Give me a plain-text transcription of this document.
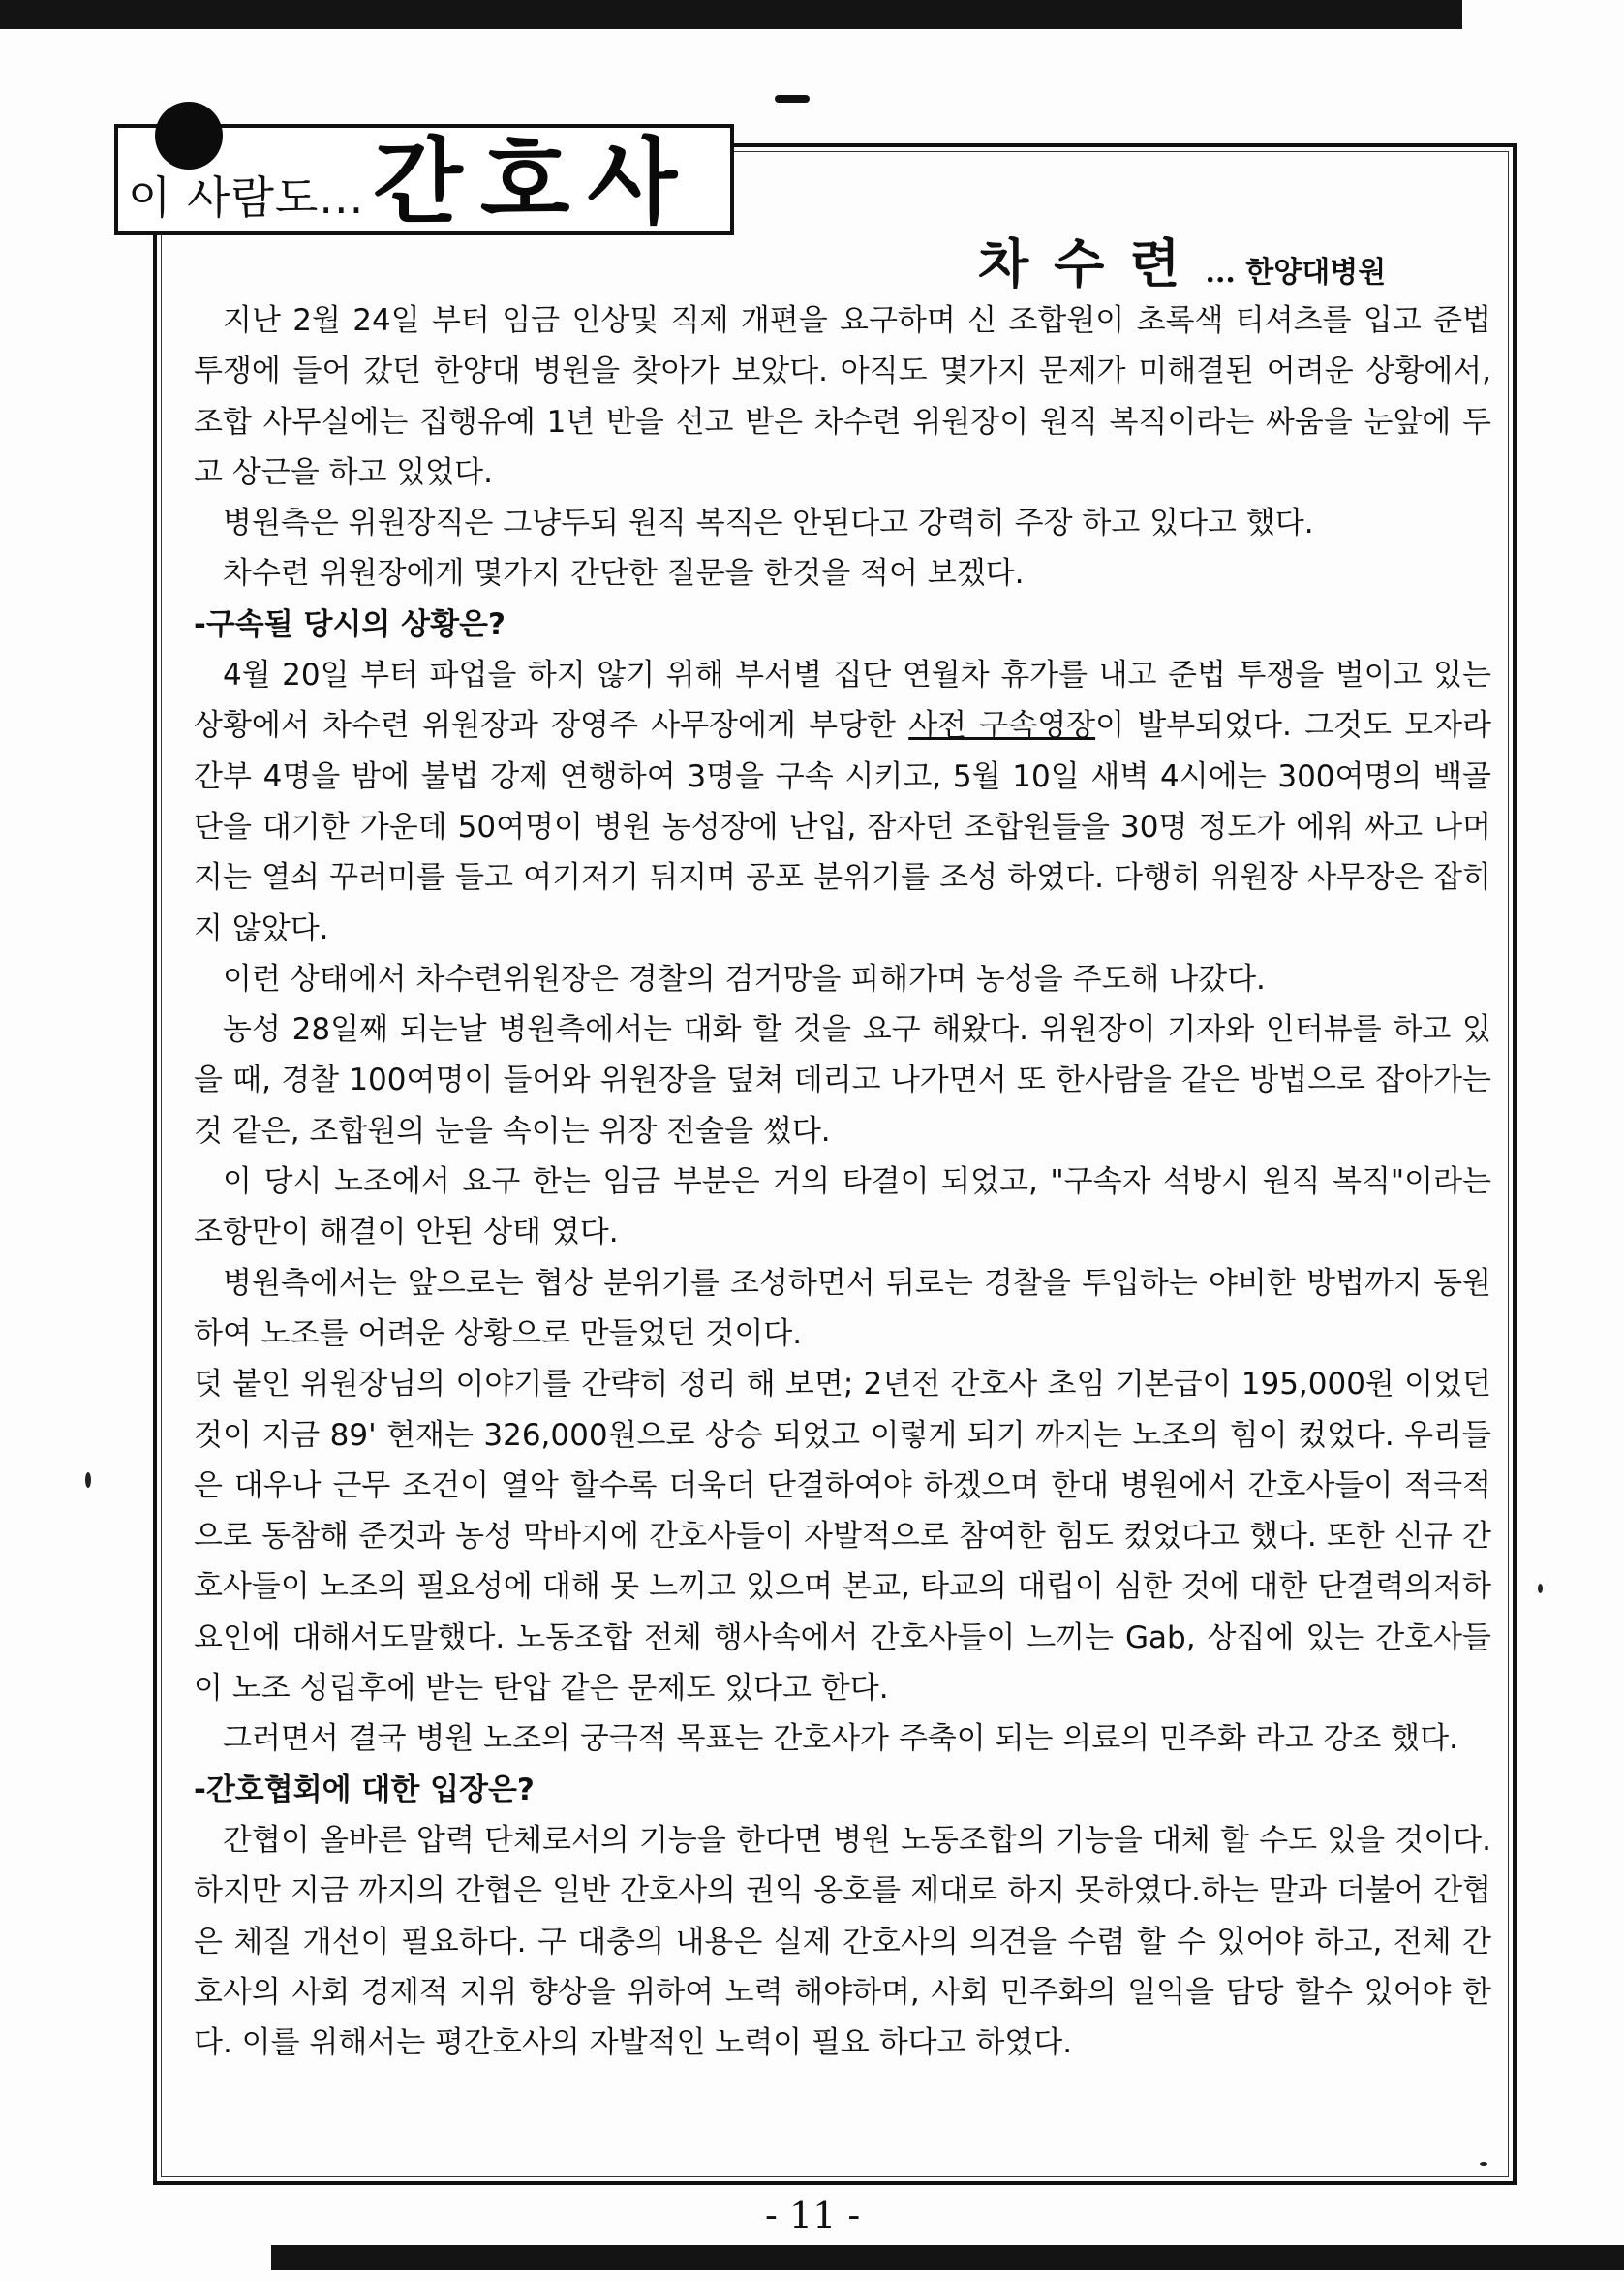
이 사람도... 간호사
차수련... 한양대병원

지난 2월 24일 부터 임금 인상및 직제 개편을 요구하며 신 조합원이 초록색 티셔츠를 입고 준법 투쟁에 들어 갔던 한양대 병원을 찾아가 보았다. 아직도 몇가지 문제가 미해결된 어려운 상황에서, 조합 사무실에는 집행유예 1년 반을 선고 받은 차수련 위원장이 원직 복직이라는 싸움을 눈앞에 두고 상근을 하고 있었다.

병원측은 위원장직은 그냥두되 원직 복직은 안된다고 강력히 주장 하고 있다고 했다.

차수련 위원장에게 몇가지 간단한 질문을 한것을 적어 보겠다.

-구속될 당시의 상황은?

4월 20일 부터 파업을 하지 않기 위해 부서별 집단 연월차 휴가를 내고 준법 투쟁을 벌이고 있는 상황에서 차수련 위원장과 장영주 사무장에게 부당한 사전 구속영장이 발부되었다. 그것도 모자라 간부 4명을 밤에 불법 강제 연행하여 3명을 구속 시키고, 5월 10일 새벽 4시에는 300여명의 백골단을 대기한 가운데 50여명이 병원 농성장에 난입, 잠자던 조합원들을 30명 정도가 에워 싸고 나머지는 열쇠 꾸러미를 들고 여기저기 뒤지며 공포 분위기를 조성 하였다. 다행히 위원장 사무장은 잡히지 않았다.

이런 상태에서 차수련위원장은 경찰의 검거망을 피해가며 농성을 주도해 나갔다.

농성 28일째 되는날 병원측에서는 대화 할 것을 요구 해왔다. 위원장이 기자와 인터뷰를 하고 있을 때, 경찰 100여명이 들어와 위원장을 덮쳐 데리고 나가면서 또 한사람을 같은 방법으로 잡아가는 것 같은, 조합원의 눈을 속이는 위장 전술을 썼다.

이 당시 노조에서 요구 한는 임금 부분은 거의 타결이 되었고, "구속자 석방시 원직 복직"이라는 조항만이 해결이 안된 상태 였다.

병원측에서는 앞으로는 협상 분위기를 조성하면서 뒤로는 경찰을 투입하는 야비한 방법까지 동원 하여 노조를 어려운 상황으로 만들었던 것이다.

덧 붙인 위원장님의 이야기를 간략히 정리 해 보면; 2년전 간호사 초임 기본급이 195,000원 이었던 것이 지금 89' 현재는 326,000원으로 상승 되었고 이렇게 되기 까지는 노조의 힘이 컸었다. 우리들은 대우나 근무 조건이 열악 할수록 더욱더 단결하여야 하겠으며 한대 병원에서 간호사들이 적극적으로 동참해 준것과 농성 막바지에 간호사들이 자발적으로 참여한 힘도 컸었다고 했다. 또한 신규 간호사들이 노조의 필요성에 대해 못 느끼고 있으며 본교, 타교의 대립이 심한 것에 대한 단결력의저하 요인에 대해서도말했다. 노동조합 전체 행사속에서 간호사들이 느끼는 Gab, 상집에 있는 간호사들이 노조 성립후에 받는 탄압 같은 문제도 있다고 한다.

그러면서 결국 병원 노조의 궁극적 목표는 간호사가 주축이 되는 의료의 민주화 라고 강조 했다.

-간호협회에 대한 입장은?

간협이 올바른 압력 단체로서의 기능을 한다면 병원 노동조합의 기능을 대체 할 수도 있을 것이다. 하지만 지금 까지의 간협은 일반 간호사의 권익 옹호를 제대로 하지 못하였다.하는 말과 더불어 간협은 체질 개선이 필요하다. 구 대충의 내용은 실제 간호사의 의견을 수렴 할 수 있어야 하고, 전체 간호사의 사회 경제적 지위 향상을 위하여 노력 해야하며, 사회 민주화의 일익을 담당 할수 있어야 한다. 이를 위해서는 평간호사의 자발적인 노력이 필요 하다고 하였다.

- 11 -
